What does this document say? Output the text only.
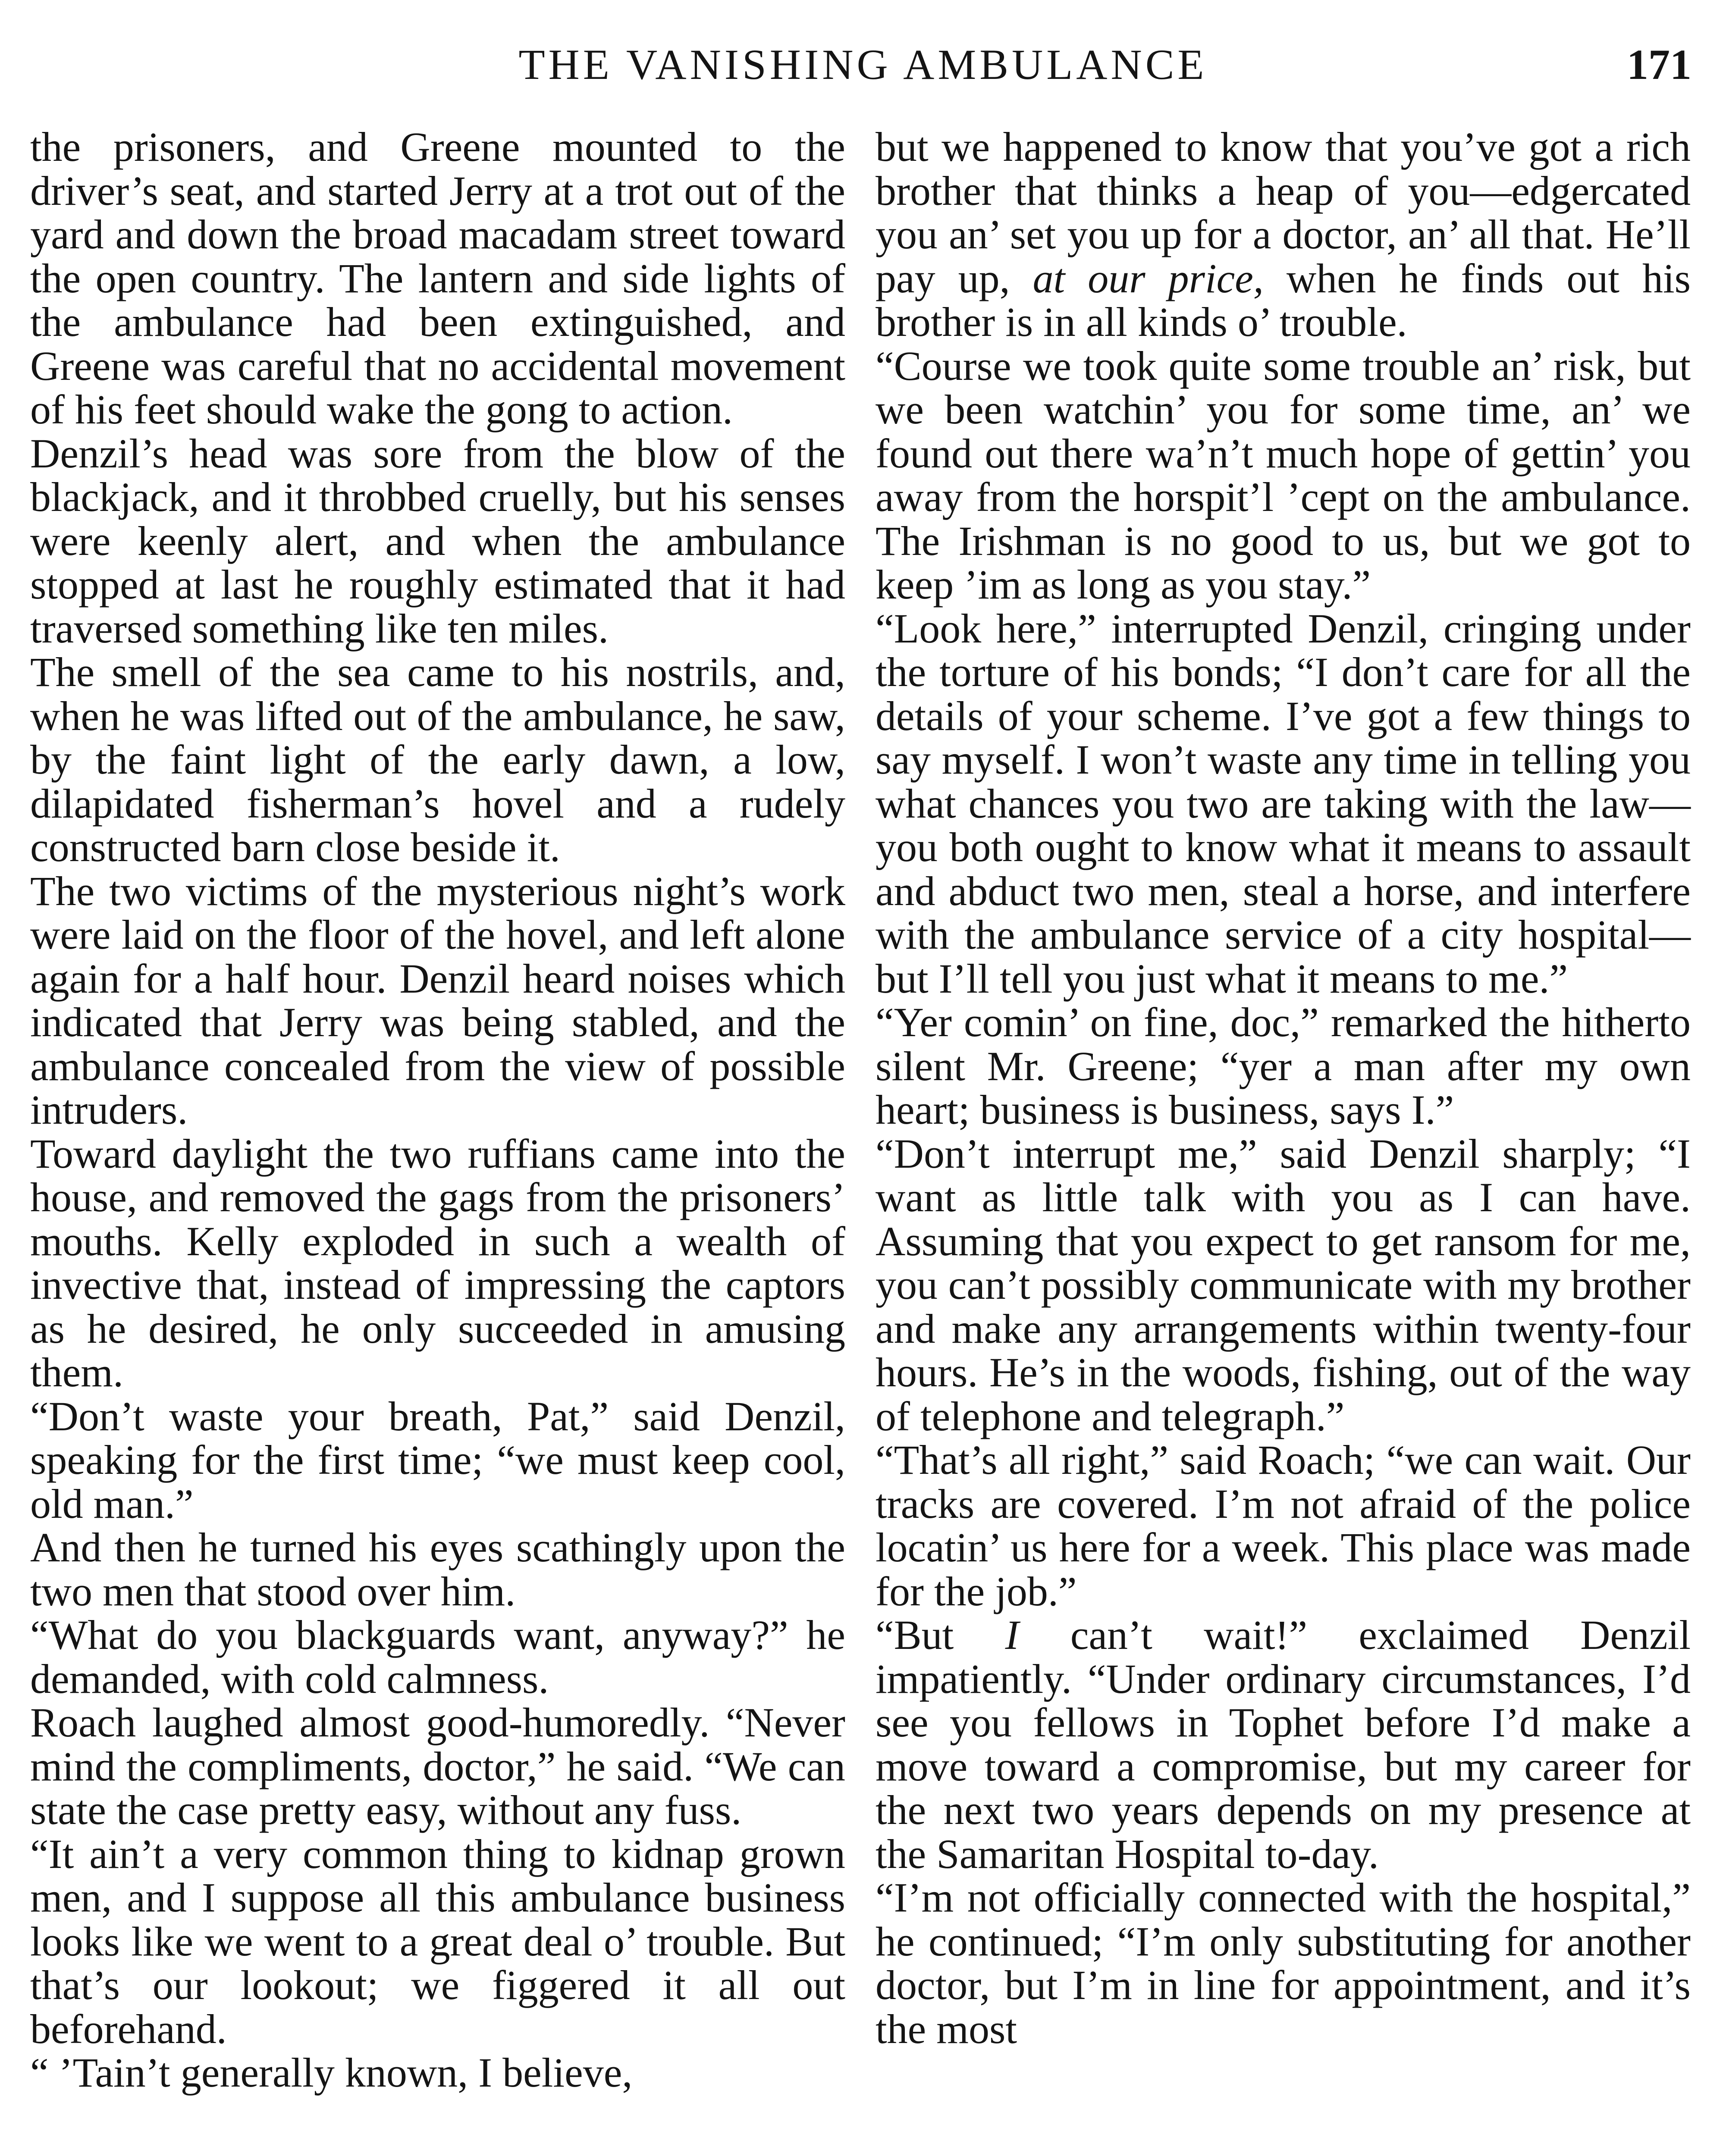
THE VANISHING AMBULANCE	171

the prisoners, and Greene mounted to the driver’s seat, and started Jerry at a trot out of the yard and down the broad macadam street toward the open country. The lantern and side lights of the ambulance had been extinguished, and Greene was careful that no accidental movement of his feet should wake the gong to action.

Denzil’s head was sore from the blow of the blackjack, and it throbbed cruelly, but his senses were keenly alert, and when the ambulance stopped at last he roughly estimated that it had traversed something like ten miles.

The smell of the sea came to his nostrils, and, when he was lifted out of the ambulance, he saw, by the faint light of the early dawn, a low, dilapidated fisherman’s hovel and a rudely constructed barn close beside it.

The two victims of the mysterious night’s work were laid on the floor of the hovel, and left alone again for a half hour. Denzil heard noises which indicated that Jerry was being stabled, and the ambulance concealed from the view of possible intruders.

Toward daylight the two ruffians came into the house, and removed the gags from the prisoners’ mouths. Kelly exploded in such a wealth of invective that, instead of impressing the captors as he desired, he only succeeded in amusing them.

“Don’t waste your breath, Pat,” said Denzil, speaking for the first time; “we must keep cool, old man.”

And then he turned his eyes scathingly upon the two men that stood over him.

“What do you blackguards want, anyway?” he demanded, with cold calmness.

Roach laughed almost good-humoredly. “Never mind the compliments, doctor,” he said. “We can state the case pretty easy, without any fuss.

“It ain’t a very common thing to kidnap grown men, and I suppose all this ambulance business looks like we went to a great deal o’ trouble. But that’s our lookout; we figgered it all out beforehand.

“ ’Tain’t generally known, I believe,

but we happened to know that you’ve got a rich brother that thinks a heap of you—edgercated you an’ set you up for a doctor, an’ all that. He’ll pay up, at our price, when he finds out his brother is in all kinds o’ trouble.

“Course we took quite some trouble an’ risk, but we been watchin’ you for some time, an’ we found out there wa’n’t much hope of gettin’ you away from the horspit’l ’cept on the ambulance. The Irishman is no good to us, but we got to keep ’im as long as you stay.”

“Look here,” interrupted Denzil, cringing under the torture of his bonds; “I don’t care for all the details of your scheme. I’ve got a few things to say myself. I won’t waste any time in telling you what chances you two are taking with the law—you both ought to know what it means to assault and abduct two men, steal a horse, and interfere with the ambulance service of a city hospital—but I’ll tell you just what it means to me.”

“Yer comin’ on fine, doc,” remarked the hitherto silent Mr. Greene; “yer a man after my own heart; business is business, says I.”

“Don’t interrupt me,” said Denzil sharply; “I want as little talk with you as I can have. Assuming that you expect to get ransom for me, you can’t possibly communicate with my brother and make any arrangements within twenty-four hours. He’s in the woods, fishing, out of the way of telephone and telegraph.”

“That’s all right,” said Roach; “we can wait. Our tracks are covered. I’m not afraid of the police locatin’ us here for a week. This place was made for the job.”

“But I can’t wait!” exclaimed Denzil impatiently. “Under ordinary circumstances, I’d see you fellows in Tophet before I’d make a move toward a compromise, but my career for the next two years depends on my presence at the Samaritan Hospital to-day.

“I’m not officially connected with the hospital,” he continued; “I’m only substituting for another doctor, but I’m in line for appointment, and it’s the most
